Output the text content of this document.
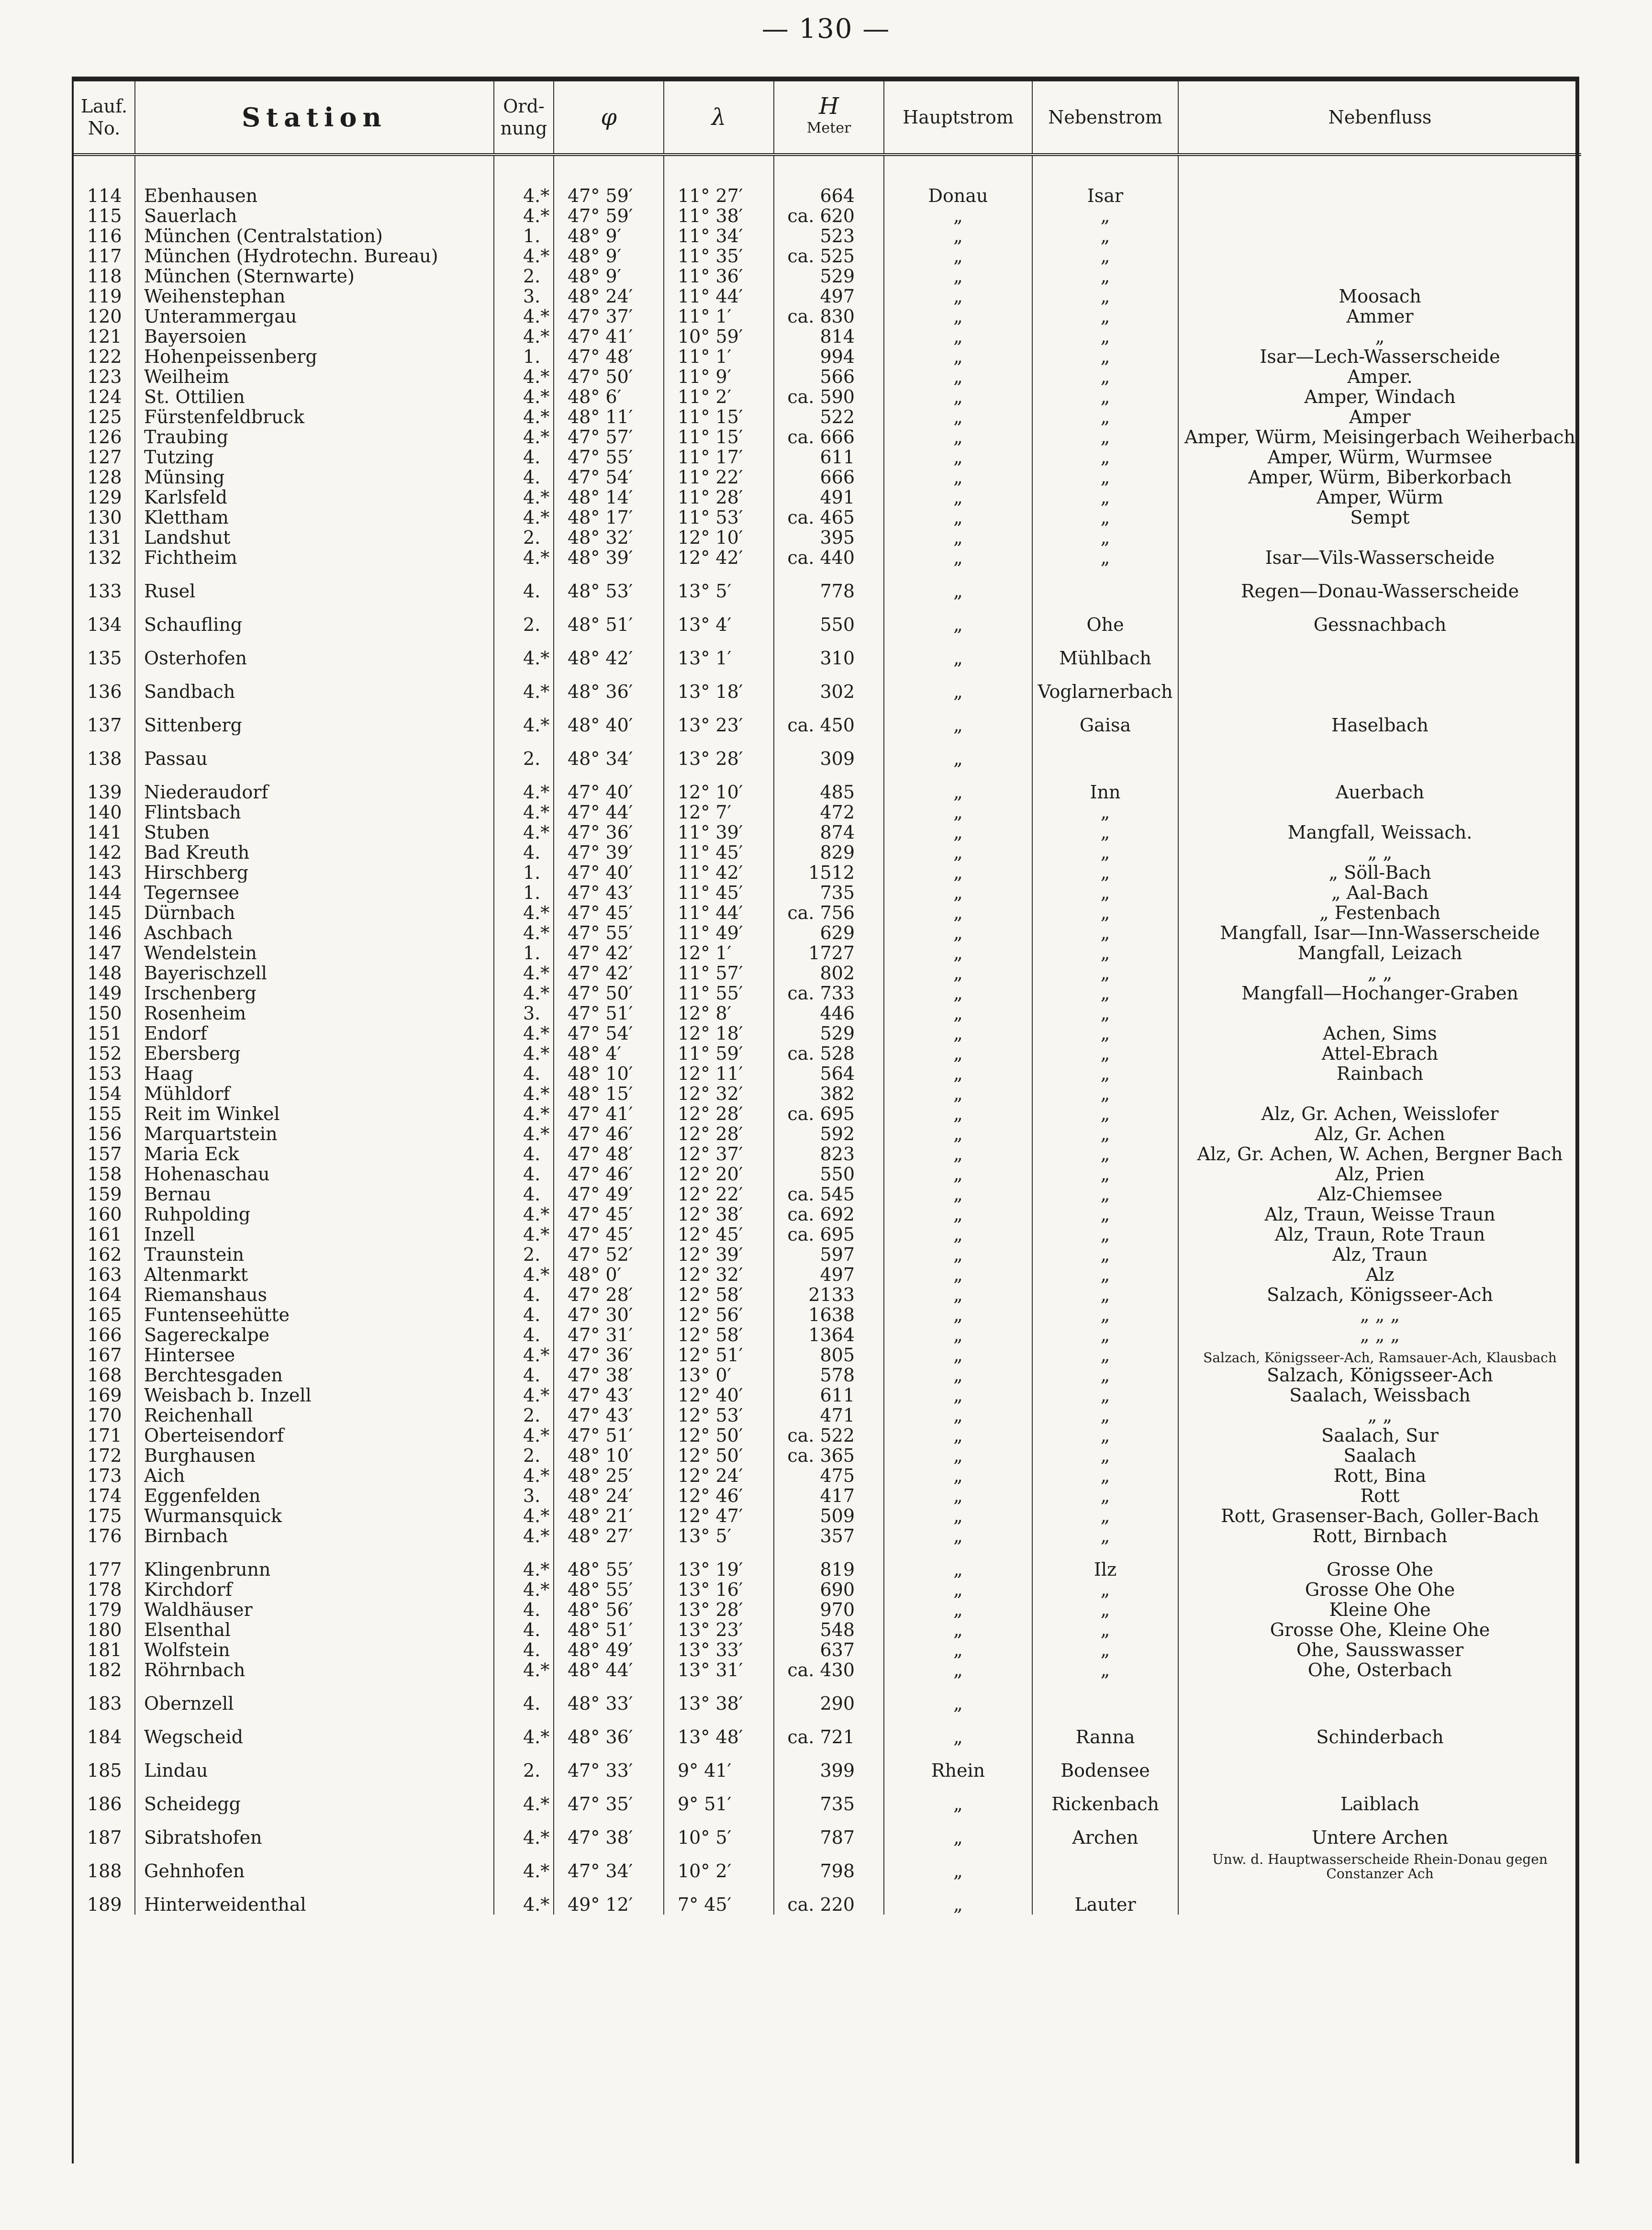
— 130 —
Lauf. No.	Station	Ord- nung	φ	λ	H
Meter	Hauptstrom	Nebenstrom	Nebenfluss

114	Ebenhausen	4.*	47° 59′	11° 27′	664	Donau	Isar	
115	Sauerlach	4.*	47° 59′	11° 38′	ca. 620	„	„	
116	München (Centralstation)	1.	48° 9′	11° 34′	523	„	„	
117	München (Hydrotechn. Bureau)	4.*	48° 9′	11° 35′	ca. 525	„	„	
118	München (Sternwarte)	2.	48° 9′	11° 36′	529	„	„	
119	Weihenstephan	3.	48° 24′	11° 44′	497	„	„	Moosach
120	Unterammergau	4.*	47° 37′	11° 1′	ca. 830	„	„	Ammer
121	Bayersoien	4.*	47° 41′	10° 59′	814	„	„	„
122	Hohenpeissenberg	1.	47° 48′	11° 1′	994	„	„	Isar—Lech-Wasserscheide
123	Weilheim	4.*	47° 50′	11° 9′	566	„	„	Amper.
124	St. Ottilien	4.*	48° 6′	11° 2′	ca. 590	„	„	Amper, Windach
125	Fürstenfeldbruck	4.*	48° 11′	11° 15′	522	„	„	Amper
126	Traubing	4.*	47° 57′	11° 15′	ca. 666	„	„	Amper, Würm, Meisingerbach Weiherbach
127	Tutzing	4.	47° 55′	11° 17′	611	„	„	Amper, Würm, Wurmsee
128	Münsing	4.	47° 54′	11° 22′	666	„	„	Amper, Würm, Biberkorbach
129	Karlsfeld	4.*	48° 14′	11° 28′	491	„	„	Amper, Würm
130	Klettham	4.*	48° 17′	11° 53′	ca. 465	„	„	Sempt
131	Landshut	2.	48° 32′	12° 10′	395	„	„	
132	Fichtheim	4.*	48° 39′	12° 42′	ca. 440	„	„	Isar—Vils-Wasserscheide
133	Rusel	4.	48° 53′	13° 5′	778	„		Regen—Donau-Wasserscheide
134	Schaufling	2.	48° 51′	13° 4′	550	„	Ohe	Gessnachbach
135	Osterhofen	4.*	48° 42′	13° 1′	310	„	Mühlbach	
136	Sandbach	4.*	48° 36′	13° 18′	302	„	Voglarnerbach	
137	Sittenberg	4.*	48° 40′	13° 23′	ca. 450	„	Gaisa	Haselbach
138	Passau	2.	48° 34′	13° 28′	309	„		
139	Niederaudorf	4.*	47° 40′	12° 10′	485	„	Inn	Auerbach
140	Flintsbach	4.*	47° 44′	12° 7′	472	„	„	
141	Stuben	4.*	47° 36′	11° 39′	874	„	„	Mangfall, Weissach.
142	Bad Kreuth	4.	47° 39′	11° 45′	829	„	„	„ „
143	Hirschberg	1.	47° 40′	11° 42′	1512	„	„	„ Söll-Bach
144	Tegernsee	1.	47° 43′	11° 45′	735	„	„	„ Aal-Bach
145	Dürnbach	4.*	47° 45′	11° 44′	ca. 756	„	„	„ Festenbach
146	Aschbach	4.*	47° 55′	11° 49′	629	„	„	Mangfall, Isar—Inn-Wasserscheide
147	Wendelstein	1.	47° 42′	12° 1′	1727	„	„	Mangfall, Leizach
148	Bayerischzell	4.*	47° 42′	11° 57′	802	„	„	„ „
149	Irschenberg	4.*	47° 50′	11° 55′	ca. 733	„	„	Mangfall—Hochanger-Graben
150	Rosenheim	3.	47° 51′	12° 8′	446	„	„	
151	Endorf	4.*	47° 54′	12° 18′	529	„	„	Achen, Sims
152	Ebersberg	4.*	48° 4′	11° 59′	ca. 528	„	„	Attel-Ebrach
153	Haag	4.	48° 10′	12° 11′	564	„	„	Rainbach
154	Mühldorf	4.*	48° 15′	12° 32′	382	„	„	
155	Reit im Winkel	4.*	47° 41′	12° 28′	ca. 695	„	„	Alz, Gr. Achen, Weisslofer
156	Marquartstein	4.*	47° 46′	12° 28′	592	„	„	Alz, Gr. Achen
157	Maria Eck	4.	47° 48′	12° 37′	823	„	„	Alz, Gr. Achen, W. Achen, Bergner Bach
158	Hohenaschau	4.	47° 46′	12° 20′	550	„	„	Alz, Prien
159	Bernau	4.	47° 49′	12° 22′	ca. 545	„	„	Alz-Chiemsee
160	Ruhpolding	4.*	47° 45′	12° 38′	ca. 692	„	„	Alz, Traun, Weisse Traun
161	Inzell	4.*	47° 45′	12° 45′	ca. 695	„	„	Alz, Traun, Rote Traun
162	Traunstein	2.	47° 52′	12° 39′	597	„	„	Alz, Traun
163	Altenmarkt	4.*	48° 0′	12° 32′	497	„	„	Alz
164	Riemanshaus	4.	47° 28′	12° 58′	2133	„	„	Salzach, Königsseer-Ach
165	Funtenseehütte	4.	47° 30′	12° 56′	1638	„	„	„ „ „
166	Sagereckalpe	4.	47° 31′	12° 58′	1364	„	„	„ „ „
167	Hintersee	4.*	47° 36′	12° 51′	805	„	„	Salzach, Königsseer-Ach, Ramsauer-Ach, Klausbach
168	Berchtesgaden	4.	47° 38′	13° 0′	578	„	„	Salzach, Königsseer-Ach
169	Weisbach b. Inzell	4.*	47° 43′	12° 40′	611	„	„	Saalach, Weissbach
170	Reichenhall	2.	47° 43′	12° 53′	471	„	„	„ „
171	Oberteisendorf	4.*	47° 51′	12° 50′	ca. 522	„	„	Saalach, Sur
172	Burghausen	2.	48° 10′	12° 50′	ca. 365	„	„	Saalach
173	Aich	4.*	48° 25′	12° 24′	475	„	„	Rott, Bina
174	Eggenfelden	3.	48° 24′	12° 46′	417	„	„	Rott
175	Wurmansquick	4.*	48° 21′	12° 47′	509	„	„	Rott, Grasenser-Bach, Goller-Bach
176	Birnbach	4.*	48° 27′	13° 5′	357	„	„	Rott, Birnbach
177	Klingenbrunn	4.*	48° 55′	13° 19′	819	„	Ilz	Grosse Ohe
178	Kirchdorf	4.*	48° 55′	13° 16′	690	„	„	Grosse Ohe Ohe
179	Waldhäuser	4.	48° 56′	13° 28′	970	„	„	Kleine Ohe
180	Elsenthal	4.	48° 51′	13° 23′	548	„	„	Grosse Ohe, Kleine Ohe
181	Wolfstein	4.	48° 49′	13° 33′	637	„	„	Ohe, Sausswasser
182	Röhrnbach	4.*	48° 44′	13° 31′	ca. 430	„	„	Ohe, Osterbach
183	Obernzell	4.	48° 33′	13° 38′	290	„		
184	Wegscheid	4.*	48° 36′	13° 48′	ca. 721	„	Ranna	Schinderbach
185	Lindau	2.	47° 33′	9° 41′	399	Rhein	Bodensee	
186	Scheidegg	4.*	47° 35′	9° 51′	735	„	Rickenbach	Laiblach
187	Sibratshofen	4.*	47° 38′	10° 5′	787	„	Archen	Untere Archen
188	Gehnhofen	4.*	47° 34′	10° 2′	798	„		Unw. d. Hauptwasserscheide Rhein-Donau gegen Constanzer Ach
189	Hinterweidenthal	4.*	49° 12′	7° 45′	ca. 220	„	Lauter	
